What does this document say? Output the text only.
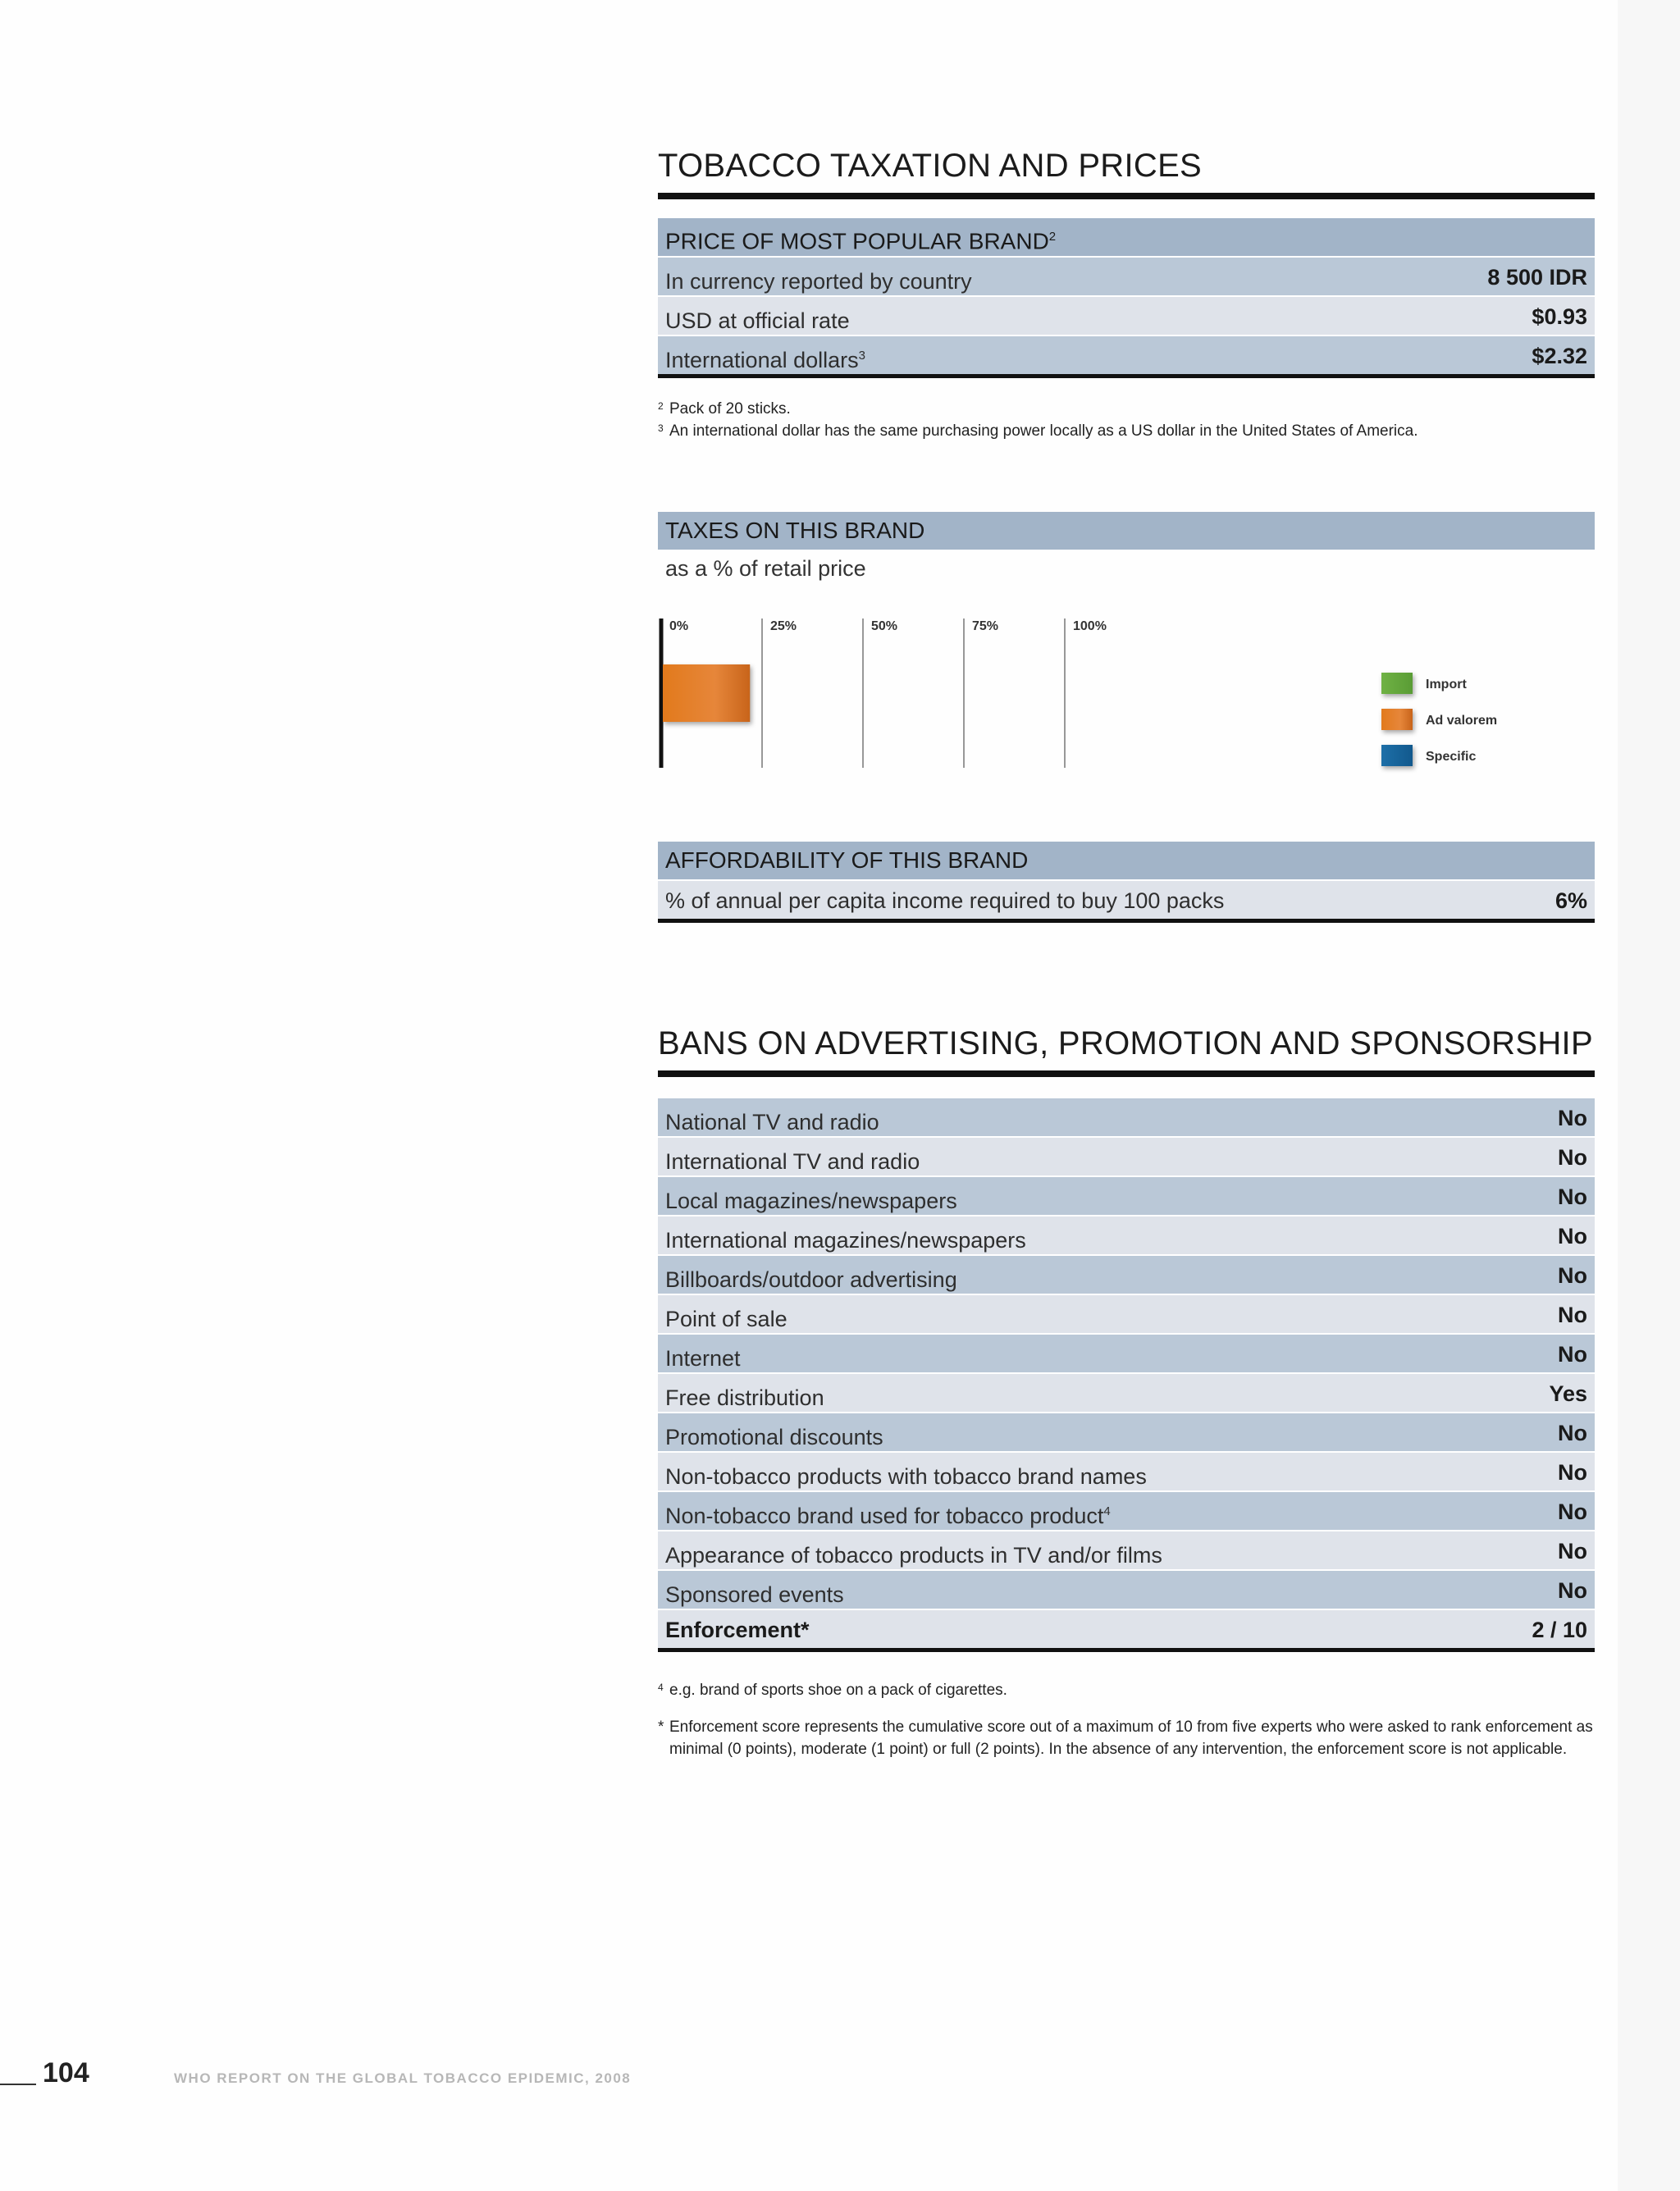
TOBACCO TAXATION AND PRICES
PRICE OF MOST POPULAR BRAND$^2$
In currency reported by country	8 500 IDR
USD at official rate	$0.93
International dollars$^3$	$2.32
2 Pack of 20 sticks.
3 An international dollar has the same purchasing power locally as a US dollar in the United States of America.
TAXES ON THIS BRAND
as a % of retail price
0%	25%	50%	75%	100%
Import
Ad valorem
Specific
AFFORDABILITY OF THIS BRAND
% of annual per capita income required to buy 100 packs	6%
BANS ON ADVERTISING, PROMOTION AND SPONSORSHIP
National TV and radio	No
International TV and radio	No
Local magazines/newspapers	No
International magazines/newspapers	No
Billboards/outdoor advertising	No
Point of sale	No
Internet	No
Free distribution	Yes
Promotional discounts	No
Non-tobacco products with tobacco brand names	No
Non-tobacco brand used for tobacco product$^4$	No
Appearance of tobacco products in TV and/or films	No
Sponsored events	No
Enforcement*	2 / 10
4 e.g. brand of sports shoe on a pack of cigarettes.
* Enforcement score represents the cumulative score out of a maximum of 10 from five experts who were asked to rank enforcement as minimal (0 points), moderate (1 point) or full (2 points). In the absence of any intervention, the enforcement score is not applicable.
104	WHO REPORT ON THE GLOBAL TOBACCO EPIDEMIC, 2008
